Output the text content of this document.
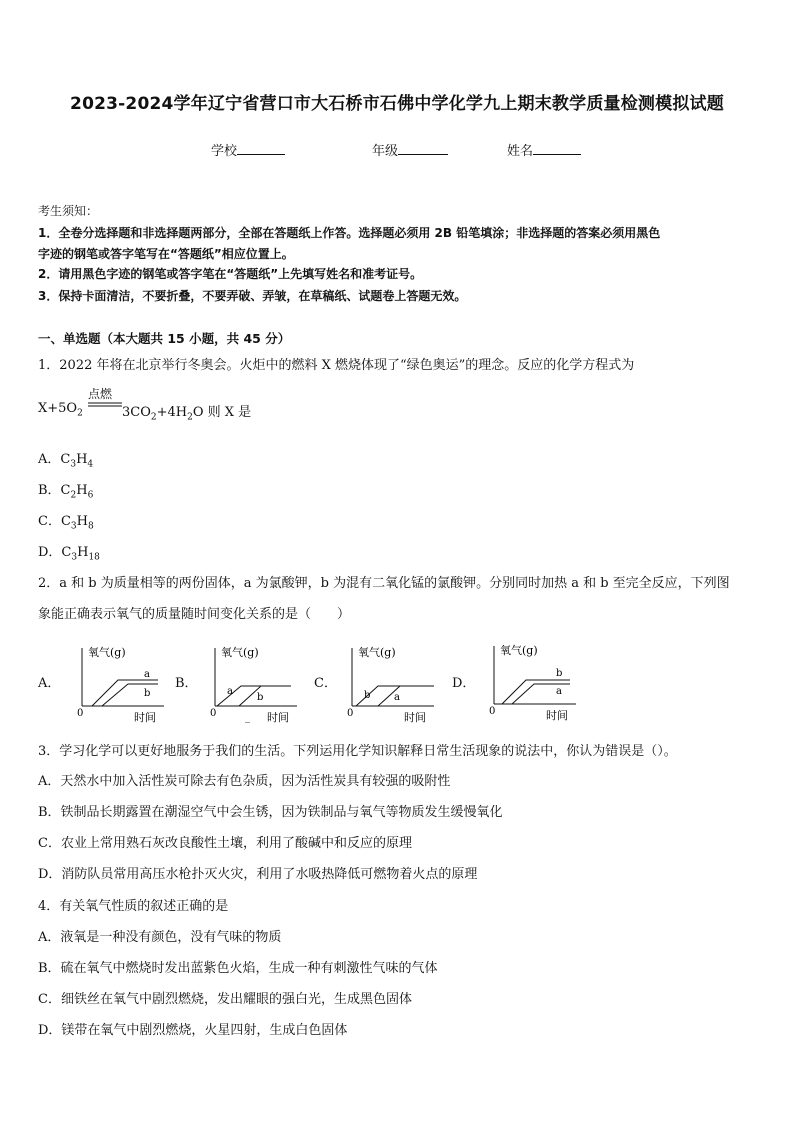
2023-2024学年辽宁省营口市大石桥市石佛中学化学九上期末教学质量检测模拟试题
学校	年级	姓名
考生须知：
1．全卷分选择题和非选择题两部分，全部在答题纸上作答。选择题必须用 2B 铅笔填涂；非选择题的答案必须用黑色
字迹的钢笔或答字笔写在“答题纸”相应位置上。
2．请用黑色字迹的钢笔或答字笔在“答题纸”上先填写姓名和准考证号。
3．保持卡面清洁，不要折叠，不要弄破、弄皱，在草稿纸、试题卷上答题无效。
一、单选题（本大题共 15 小题，共 45 分）
1．2022 年将在北京举行冬奥会。火炬中的燃料 X 燃烧体现了“绿色奥运”的理念。反应的化学方程式为
$X+5O_2$
点燃
$3CO_2+4H_2O$ 则 X 是
A．$C_3H_4$
B．$C_2H_6$
C．$C_3H_8$
D．$C_3H_{18}$
2．a 和 b 为质量相等的两份固体，a 为氯酸钾，b 为混有二氧化锰的氯酸钾。分别同时加热 a 和 b 至完全反应，下列图
象能正确表示氧气的质量随时间变化关系的是（　　）
A．
氧气(g)
0	时间
a
b
B．
氧气(g)
0	_ 时间
a
b
C．
氧气(g)
0	时间
b a
D．
氧气(g)
0	时间
b
a
3．学习化学可以更好地服务于我们的生活。下列运用化学知识解释日常生活现象的说法中，你认为错误是（）。
A．天然水中加入活性炭可除去有色杂质，因为活性炭具有较强的吸附性
B．铁制品长期露置在潮湿空气中会生锈，因为铁制品与氧气等物质发生缓慢氧化
C．农业上常用熟石灰改良酸性土壤，利用了酸碱中和反应的原理
D．消防队员常用高压水枪扑灭火灾，利用了水吸热降低可燃物着火点的原理
4．有关氧气性质的叙述正确的是
A．液氧是一种没有颜色，没有气味的物质
B．硫在氧气中燃烧时发出蓝紫色火焰，生成一种有刺激性气味的气体
C．细铁丝在氧气中剧烈燃烧，发出耀眼的强白光，生成黑色固体
D．镁带在氧气中剧烈燃烧，火星四射，生成白色固体
